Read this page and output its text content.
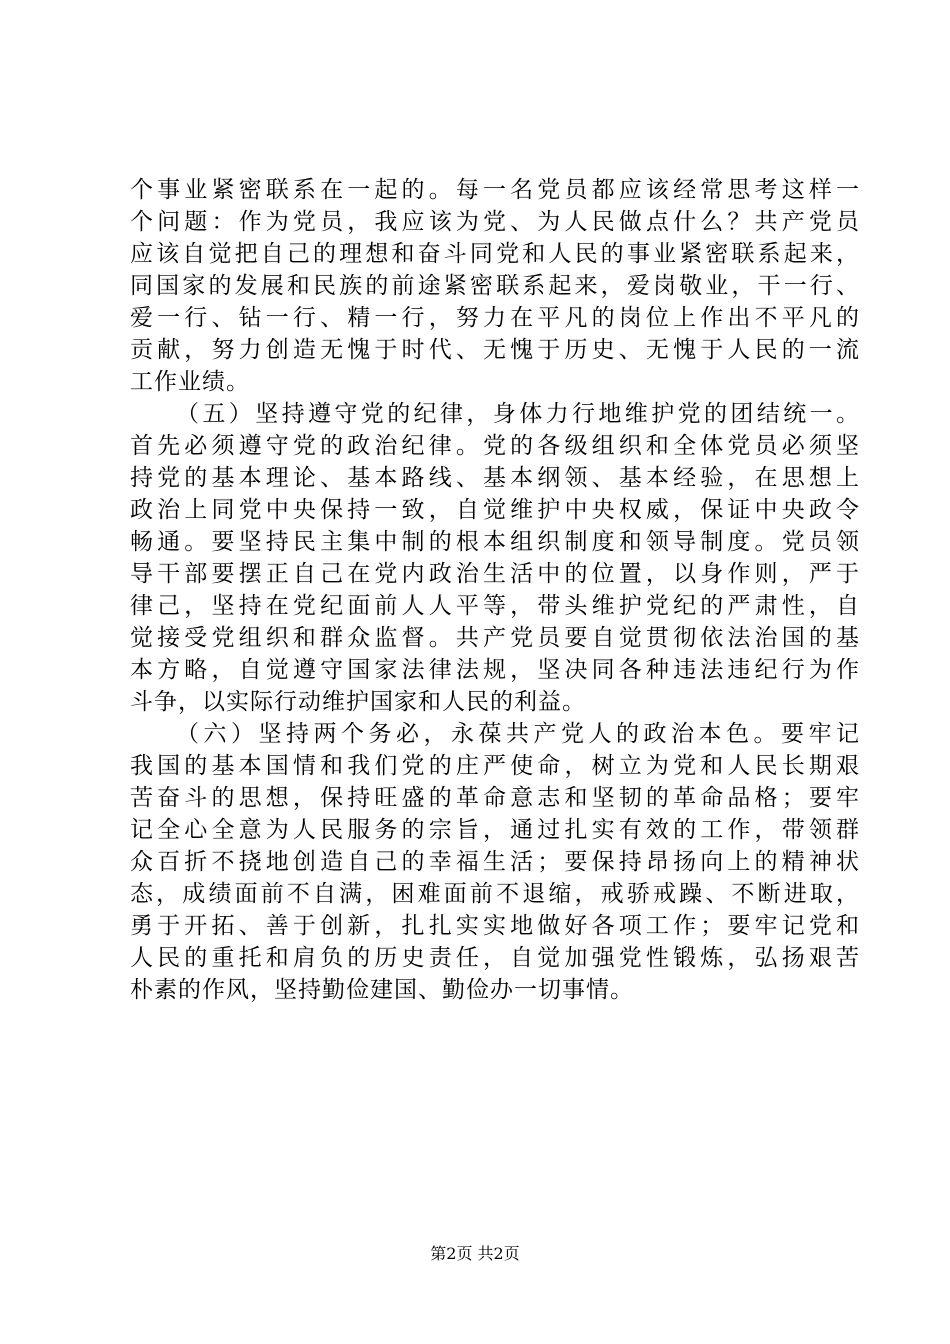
个事业紧密联系在一起的。每一名党员都应该经常思考这样一
个问题：作为党员，我应该为党、为人民做点什么？共产党员
应该自觉把自己的理想和奋斗同党和人民的事业紧密联系起来，
同国家的发展和民族的前途紧密联系起来，爱岗敬业，干一行、
爱一行、钻一行、精一行，努力在平凡的岗位上作出不平凡的
贡献，努力创造无愧于时代、无愧于历史、无愧于人民的一流
工作业绩。
（五）坚持遵守党的纪律，身体力行地维护党的团结统一。
首先必须遵守党的政治纪律。党的各级组织和全体党员必须坚
持党的基本理论、基本路线、基本纲领、基本经验，在思想上
政治上同党中央保持一致，自觉维护中央权威，保证中央政令
畅通。要坚持民主集中制的根本组织制度和领导制度。党员领
导干部要摆正自己在党内政治生活中的位置，以身作则，严于
律己，坚持在党纪面前人人平等，带头维护党纪的严肃性，自
觉接受党组织和群众监督。共产党员要自觉贯彻依法治国的基
本方略，自觉遵守国家法律法规，坚决同各种违法违纪行为作
斗争，以实际行动维护国家和人民的利益。
（六）坚持两个务必，永葆共产党人的政治本色。要牢记
我国的基本国情和我们党的庄严使命，树立为党和人民长期艰
苦奋斗的思想，保持旺盛的革命意志和坚韧的革命品格；要牢
记全心全意为人民服务的宗旨，通过扎实有效的工作，带领群
众百折不挠地创造自己的幸福生活；要保持昂扬向上的精神状
态，成绩面前不自满，困难面前不退缩，戒骄戒躁、不断进取，
勇于开拓、善于创新，扎扎实实地做好各项工作；要牢记党和
人民的重托和肩负的历史责任，自觉加强党性锻炼，弘扬艰苦
朴素的作风，坚持勤俭建国、勤俭办一切事情。
第2页 共2页
